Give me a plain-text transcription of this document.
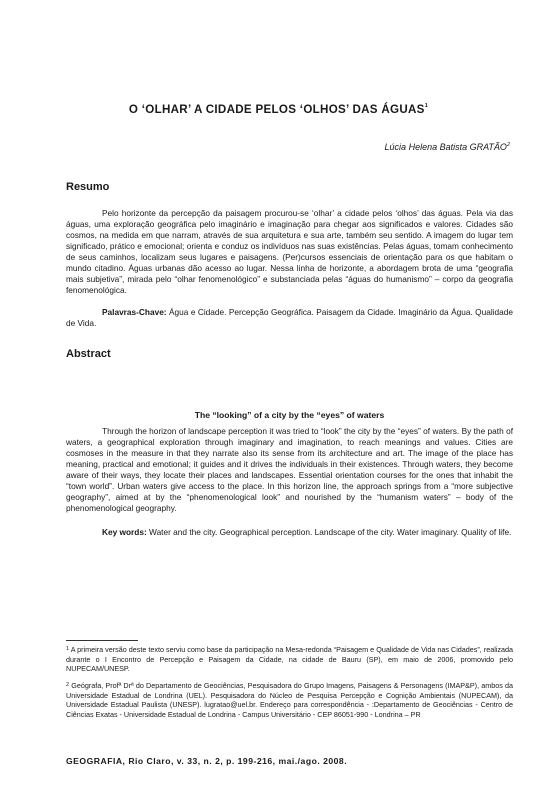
O ‘OLHAR’ A CIDADE PELOS ‘OLHOS’ DAS ÁGUAS$^1$
Lúcia Helena Batista GRATÃO$^2$
Resumo

Pelo horizonte da percepção da paisagem procurou-se ‘olhar’ a cidade pelos ‘olhos’ das águas. Pela via das águas, uma exploração geográfica pelo imaginário e imaginação para chegar aos significados e valores. Cidades são cosmos, na medida em que narram, através de sua arquitetura e sua arte, também seu sentido. A imagem do lugar tem significado, prático e emocional; orienta e conduz os indivíduos nas suas existências. Pelas águas, tomam conhecimento de seus caminhos, localizam seus lugares e paisagens. (Per)cursos essenciais de orientação para os que habitam o mundo citadino. Águas urbanas dão acesso ao lugar. Nessa linha de horizonte, a abordagem brota de uma “geografia mais subjetiva”, mirada pelo “olhar fenomenológico” e substanciada pelas “águas do humanismo” – corpo da geografia fenomenológica.

Palavras-Chave: Água e Cidade. Percepção Geográfica. Paisagem da Cidade. Imaginário da Água. Qualidade de Vida.

Abstract
The “looking” of a city by the “eyes” of waters

Through the horizon of landscape perception it was tried to “look” the city by the “eyes” of waters. By the path of waters, a geographical exploration through imaginary and imagination, to reach meanings and values. Cities are cosmoses in the measure in that they narrate also its sense from its architecture and art. The image of the place has meaning, practical and emotional; it guides and it drives the individuals in their existences. Through waters, they become aware of their ways, they locate their places and landscapes. Essential orientation courses for the ones that inhabit the “town world”. Urban waters give access to the place. In this horizon line, the approach springs from a “more subjective geography”, aimed at by the “phenomenological look” and nourished by the “humanism waters” – body of the phenomenological geography.

Key words: Water and the city. Geographical perception. Landscape of the city. Water imaginary. Quality of life.

$^1$ A primeira versão deste texto serviu como base da participação na Mesa-redonda “Paisagem e Qualidade de Vida nas Cidades”, realizada durante o I Encontro de Percepção e Paisagem da Cidade, na cidade de Bauru (SP), em maio de 2006, promovido pelo NUPECAM/UNESP.

$^2$ Geógrafa, Profª Drª do Departamento de Geociências, Pesquisadora do Grupo Imagens, Paisagens & Personagens (IMAP&P), ambos da Universidade Estadual de Londrina (UEL). Pesquisadora do Núcleo de Pesquisa Percepção e Cognição Ambientais (NUPECAM), da Universidade Estadual Paulista (UNESP). lugratao@uel.br. Endereço para correspondência - :Departamento de Geociências - Centro de Ciências Exatas - Universidade Estadual de Londrina - Campus Universitário - CEP 86051-990 - Londrina – PR

GEOGRAFIA, Rio Claro, v. 33, n. 2, p. 199-216, mai./ago. 2008.
